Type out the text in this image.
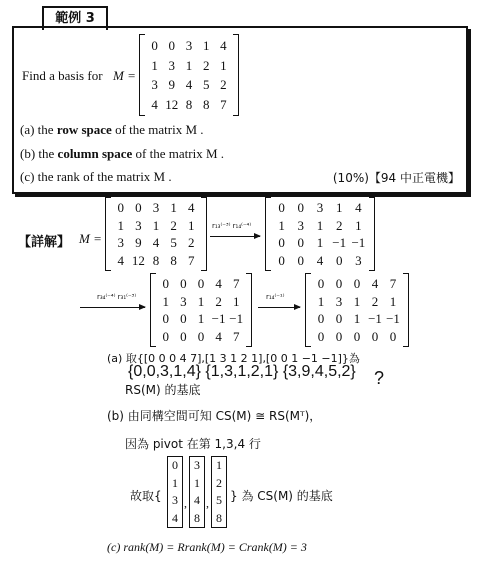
範例 3
Find a basis for M =
0 0 3 1 4
1 3 1 2 1
3 9 4 5 2
4 12 8 8 7
(a) the row space of the matrix M .
(b) the column space of the matrix M .
(c) the rank of the matrix M .	(10%)【94 中正電機】
【詳解】 M =
0 0 3 1 4
1 3 1 2 1
3 9 4 5 2
4 12 8 8 7
r₁₃⁽⁻³⁾ r₁₄⁽⁻⁴⁾
0 0 3 1 4
1 3 1 2 1
0 0 1 −1 −1
0 0 4 0 3
r₃₄⁽⁻⁴⁾ r₃₁⁽⁻³⁾
0 0 0 4 7
1 3 1 2 1
0 0 1 −1 −1
0 0 0 4 7
r₁₄⁽⁻¹⁾
0 0 0 4 7
1 3 1 2 1
0 0 1 −1 −1
0 0 0 0 0
(a) 取{[0 0 0 4 7],[1 3 1 2 1],[0 0 1 −1 −1]}為
{0,0,3,1,4} {1,3,1,2,1} {3,9,4,5,2} ?
RS(M) 的基底
(b) 由同構空間可知 CS(M) ≅ RS(Mᵀ)，
因為 pivot 在第 1,3,4 行
故取{
0
1
3
4
,
3
1
4
8
,
1
2
5
8
} 為 CS(M) 的基底
(c) rank(M) = Rrank(M) = Crank(M) = 3
